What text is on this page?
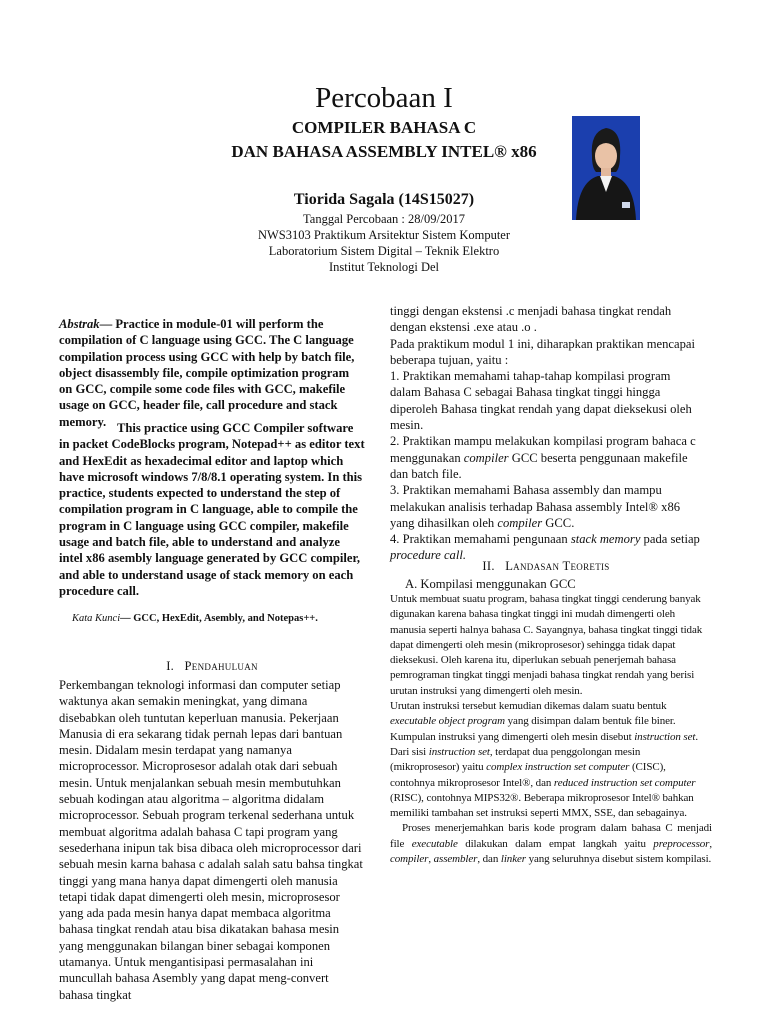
Percobaan I
COMPILER BAHASA C
DAN BAHASA ASSEMBLY INTEL® x86
Tiorida Sagala (14S15027)
Tanggal Percobaan : 28/09/2017
NWS3103 Praktikum Arsitektur Sistem Komputer
Laboratorium Sistem Digital – Teknik Elektro
Institut Teknologi Del

Abstrak— Practice in module-01 will perform the compilation of C language using GCC. The C language compilation process using GCC with help by batch file, object disassembly file, compile optimization program on GCC, compile some code files with GCC, makefile usage on GCC, header file, call procedure and stack memory. This practice using GCC Compiler software in packet CodeBlocks program, Notepad++ as editor text and HexEdit as hexadecimal editor and laptop which have microsoft windows 7/8/8.1 operating system. In this practice, students expected to understand the step of compilation program in C language, able to compile the program in C language using GCC compiler, makefile usage and batch file, able to understand and analyze intel x86 asembly language generated by GCC compiler, and able to understand usage of stack memory on each procedure call.
Kata Kunci— GCC, HexEdit, Asembly, and Notepas++.
I. Pendahuluan
Perkembangan teknologi informasi dan computer setiap waktunya akan semakin meningkat, yang dimana disebabkan oleh tuntutan keperluan manusia. Pekerjaan Manusia di era sekarang tidak pernah lepas dari bantuan mesin. Didalam mesin terdapat yang namanya microprocessor. Microprosesor adalah otak dari sebuah mesin. Untuk menjalankan sebuah mesin membutuhkan sebuah kodingan atau algoritma – algoritma didalam microprocessor. Sebuah program terkenal sederhana untuk membuat algoritma adalah bahasa C tapi program yang sesederhana inipun tak bisa dibaca oleh microprocessor dari sebuah mesin karna bahasa c adalah salah satu bahsa tingkat tinggi yang mana hanya dapat dimengerti oleh manusia tetapi tidak dapat dimengerti oleh mesin, microprosesor yang ada pada mesin hanya dapat membaca algoritma bahasa tingkat rendah atau bisa dikatakan bahasa mesin yang menggunakan bilangan biner sebagai komponen utamanya. Untuk mengantisipasi permasalahan ini muncullah bahasa Asembly yang dapat meng-convert bahasa tingkat

tinggi dengan ekstensi .c menjadi bahasa tingkat rendah dengan ekstensi .exe atau .o .

Pada praktikum modul 1 ini, diharapkan praktikan mencapai beberapa tujuan, yaitu :

1. Praktikan memahami tahap-tahap kompilasi program dalam Bahasa C sebagai Bahasa tingkat tinggi hingga diperoleh Bahasa tingkat rendah yang dapat dieksekusi oleh mesin.

2. Praktikan mampu melakukan kompilasi program bahaca c menggunakan compiler GCC beserta penggunaan makefile dan batch file.

3. Praktikan memahami Bahasa assembly dan mampu melakukan analisis terhadap Bahasa assembly Intel® x86 yang dihasilkan oleh compiler GCC.

4. Praktikan memahami pengunaan stack memory pada setiap procedure call.

II. Landasan Teoretis
A. Kompilasi menggunakan GCC

Untuk membuat suatu program, bahasa tingkat tinggi cenderung banyak digunakan karena bahasa tingkat tinggi ini mudah dimengerti oleh manusia seperti halnya bahasa C. Sayangnya, bahasa tingkat tinggi tidak dapat dimengerti oleh mesin (mikroprosesor) sehingga tidak dapat dieksekusi. Oleh karena itu, diperlukan sebuah penerjemah bahasa pemrograman tingkat tinggi menjadi bahasa tingkat rendah yang berisi urutan instruksi yang dimengerti oleh mesin.

Urutan instruksi tersebut kemudian dikemas dalam suatu bentuk executable object program yang disimpan dalam bentuk file biner.

Kumpulan instruksi yang dimengerti oleh mesin disebut instruction set. Dari sisi instruction set, terdapat dua penggolongan mesin (mikroprosesor) yaitu complex instruction set computer (CISC), contohnya mikroprosesor Intel®, dan reduced instruction set computer (RISC), contohnya MIPS32®. Beberapa mikroprosesor Intel® bahkan memiliki tambahan set instruksi seperti MMX, SSE, dan sebagainya.

Proses menerjemahkan baris kode program dalam bahasa C menjadi file executable dilakukan dalam empat langkah yaitu preprocessor, compiler, assembler, dan linker yang seluruhnya disebut sistem kompilasi.
